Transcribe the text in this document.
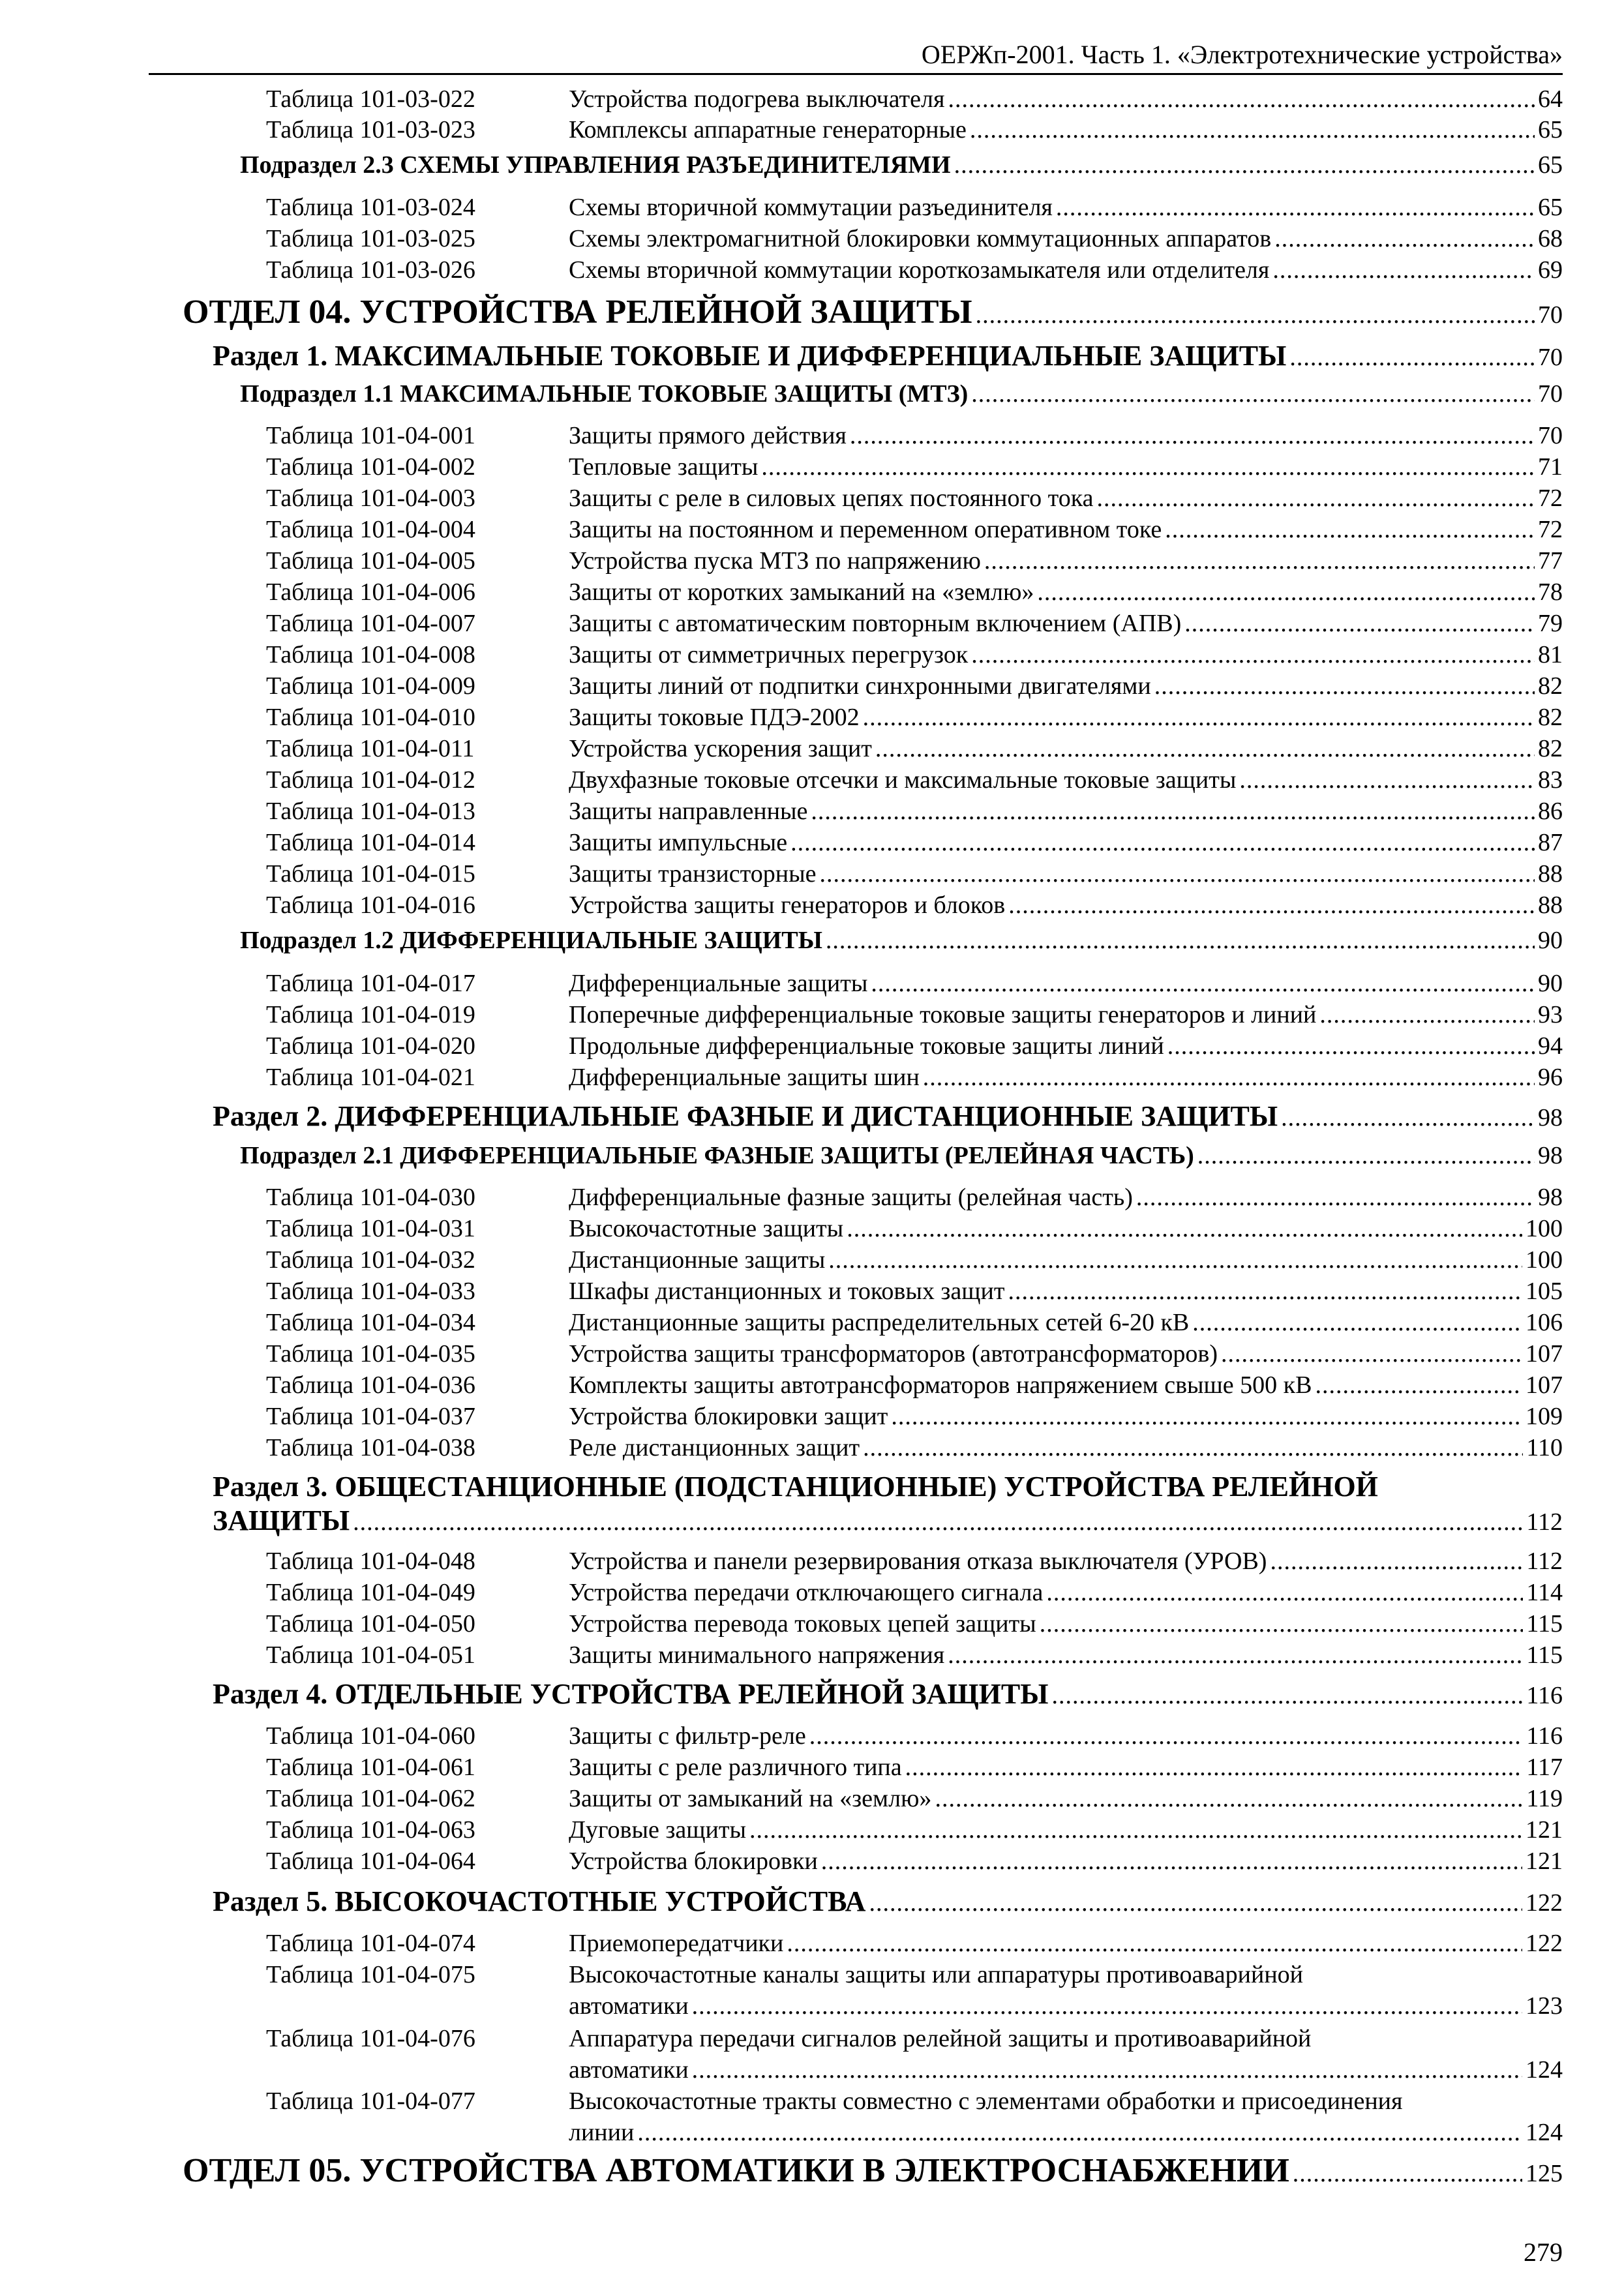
ОЕРЖп-2001. Часть 1. «Электротехнические устройства»
Таблица 101-03-022	Устройства подогрева выключателя .....	64
Таблица 101-03-023	Комплексы аппаратные генераторные .....	65
Подраздел 2.3 СХЕМЫ УПРАВЛЕНИЯ РАЗЪЕДИНИТЕЛЯМИ .....	65
Таблица 101-03-024	Схемы вторичной коммутации разъединителя .....	65
Таблица 101-03-025	Схемы электромагнитной блокировки коммутационных аппаратов .....	68
Таблица 101-03-026	Схемы вторичной коммутации короткозамыкателя или отделителя .....	69
ОТДЕЛ 04. УСТРОЙСТВА РЕЛЕЙНОЙ ЗАЩИТЫ .....	70
Раздел 1. МАКСИМАЛЬНЫЕ ТОКОВЫЕ И ДИФФЕРЕНЦИАЛЬНЫЕ ЗАЩИТЫ .....	70
Подраздел 1.1 МАКСИМАЛЬНЫЕ ТОКОВЫЕ ЗАЩИТЫ (МТЗ) .....	70
Таблица 101-04-001	Защиты прямого действия .....	70
Таблица 101-04-002	Тепловые защиты .....	71
Таблица 101-04-003	Защиты с реле в силовых цепях постоянного тока .....	72
Таблица 101-04-004	Защиты на постоянном и переменном оперативном токе .....	72
Таблица 101-04-005	Устройства пуска МТЗ по напряжению .....	77
Таблица 101-04-006	Защиты от коротких замыканий на «землю» .....	78
Таблица 101-04-007	Защиты с автоматическим повторным включением (АПВ) .....	79
Таблица 101-04-008	Защиты от симметричных перегрузок .....	81
Таблица 101-04-009	Защиты линий от подпитки синхронными двигателями .....	82
Таблица 101-04-010	Защиты токовые ПДЭ-2002 .....	82
Таблица 101-04-011	Устройства ускорения защит .....	82
Таблица 101-04-012	Двухфазные токовые отсечки и максимальные токовые защиты .....	83
Таблица 101-04-013	Защиты направленные .....	86
Таблица 101-04-014	Защиты импульсные .....	87
Таблица 101-04-015	Защиты транзисторные .....	88
Таблица 101-04-016	Устройства защиты генераторов и блоков .....	88
Подраздел 1.2 ДИФФЕРЕНЦИАЛЬНЫЕ ЗАЩИТЫ .....	90
Таблица 101-04-017	Дифференциальные защиты .....	90
Таблица 101-04-019	Поперечные дифференциальные токовые защиты генераторов и линий .....	93
Таблица 101-04-020	Продольные дифференциальные токовые защиты линий .....	94
Таблица 101-04-021	Дифференциальные защиты шин .....	96
Раздел 2. ДИФФЕРЕНЦИАЛЬНЫЕ ФАЗНЫЕ И ДИСТАНЦИОННЫЕ ЗАЩИТЫ .....	98
Подраздел 2.1 ДИФФЕРЕНЦИАЛЬНЫЕ ФАЗНЫЕ ЗАЩИТЫ (РЕЛЕЙНАЯ ЧАСТЬ) .....	98
Таблица 101-04-030	Дифференциальные фазные защиты (релейная часть) .....	98
Таблица 101-04-031	Высокочастотные защиты .....	100
Таблица 101-04-032	Дистанционные защиты .....	100
Таблица 101-04-033	Шкафы дистанционных и токовых защит .....	105
Таблица 101-04-034	Дистанционные защиты распределительных сетей 6-20 кВ .....	106
Таблица 101-04-035	Устройства защиты трансформаторов (автотрансформаторов) .....	107
Таблица 101-04-036	Комплекты защиты автотрансформаторов напряжением свыше 500 кВ .....	107
Таблица 101-04-037	Устройства блокировки защит .....	109
Таблица 101-04-038	Реле дистанционных защит .....	110
Раздел 3. ОБЩЕСТАНЦИОННЫЕ (ПОДСТАНЦИОННЫЕ) УСТРОЙСТВА РЕЛЕЙНОЙ
ЗАЩИТЫ .....	112
Таблица 101-04-048	Устройства и панели резервирования отказа выключателя (УРОВ) .....	112
Таблица 101-04-049	Устройства передачи отключающего сигнала .....	114
Таблица 101-04-050	Устройства перевода токовых цепей защиты .....	115
Таблица 101-04-051	Защиты минимального напряжения .....	115
Раздел 4. ОТДЕЛЬНЫЕ УСТРОЙСТВА РЕЛЕЙНОЙ ЗАЩИТЫ .....	116
Таблица 101-04-060	Защиты с фильтр-реле .....	116
Таблица 101-04-061	Защиты с реле различного типа .....	117
Таблица 101-04-062	Защиты от замыканий на «землю» .....	119
Таблица 101-04-063	Дуговые защиты .....	121
Таблица 101-04-064	Устройства блокировки .....	121
Раздел 5. ВЫСОКОЧАСТОТНЫЕ УСТРОЙСТВА .....	122
Таблица 101-04-074	Приемопередатчики .....	122
Таблица 101-04-075	Высокочастотные каналы защиты или аппаратуры противоаварийной
автоматики .....	123
Таблица 101-04-076	Аппаратура передачи сигналов релейной защиты и противоаварийной
автоматики .....	124
Таблица 101-04-077	Высокочастотные тракты совместно с элементами обработки и присоединения
линии .....	124
ОТДЕЛ 05. УСТРОЙСТВА АВТОМАТИКИ В ЭЛЕКТРОСНАБЖЕНИИ .....	125
279
